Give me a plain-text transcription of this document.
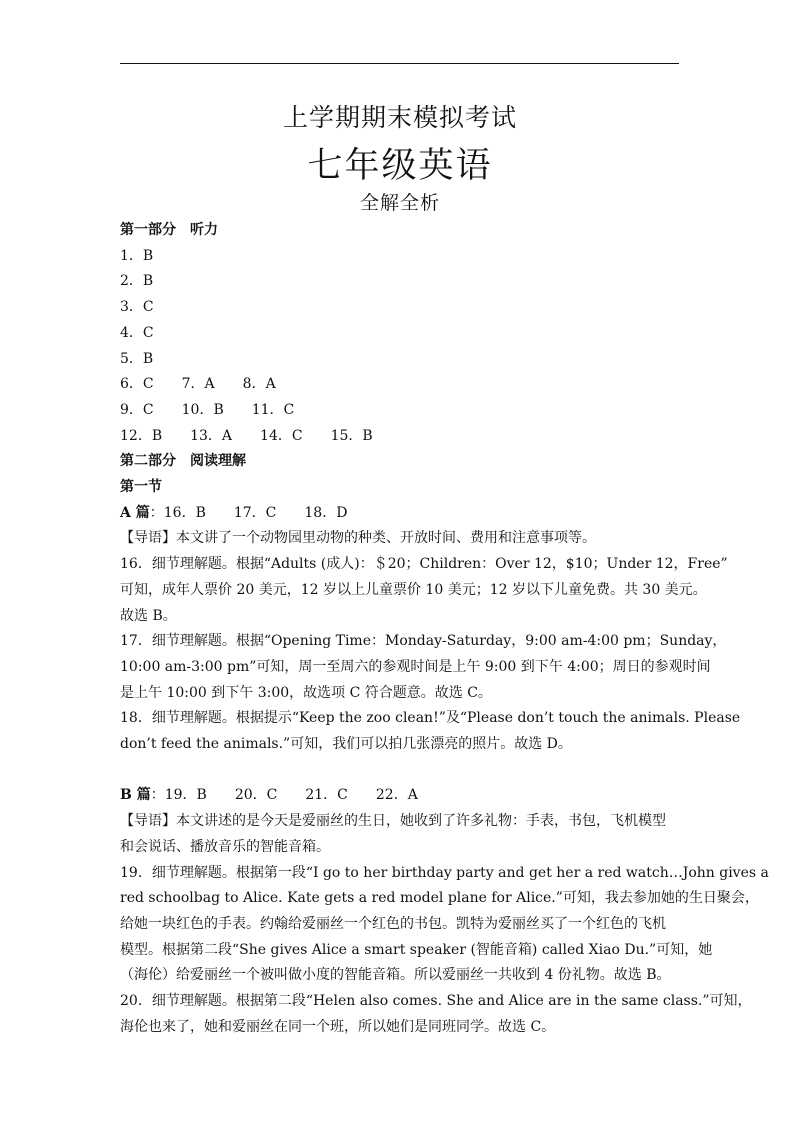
上学期期末模拟考试
七年级英语
全解全析
第一部分　听力
1．B
2．B
3．C
4．C
5．B
6．C 7．A 8．A
9．C 10．B 11．C
12．B 13．A 14．C 15．B
第二部分　阅读理解
第一节
A 篇：16．B　　17．C　　18．D
【导语】本文讲了一个动物园里动物的种类、开放时间、费用和注意事项等。
16．细节理解题。根据“Adults (成人)：＄20；Children：Over 12，$10；Under 12，Free”
可知，成年人票价 20 美元，12 岁以上儿童票价 10 美元；12 岁以下儿童免费。共 30 美元。
故选 B。
17．细节理解题。根据“Opening Time：Monday-Saturday，9:00 am-4:00 pm；Sunday，
10:00 am-3:00 pm”可知，周一至周六的参观时间是上午 9:00 到下午 4:00；周日的参观时间
是上午 10:00 到下午 3:00，故选项 C 符合题意。故选 C。
18．细节理解题。根据提示“Keep the zoo clean!”及“Please don’t touch the animals. Please
don’t feed the animals.”可知，我们可以拍几张漂亮的照片。故选 D。
B 篇：19．B　　20．C　　21．C　　22．A
【导语】本文讲述的是今天是爱丽丝的生日，她收到了许多礼物：手表，书包，飞机模型
和会说话、播放音乐的智能音箱。
19．细节理解题。根据第一段“I go to her birthday party and get her a red watch…John gives a
red schoolbag to Alice. Kate gets a red model plane for Alice.”可知，我去参加她的生日聚会，
给她一块红色的手表。约翰给爱丽丝一个红色的书包。凯特为爱丽丝买了一个红色的飞机
模型。根据第二段“She gives Alice a smart speaker (智能音箱) called Xiao Du.”可知，她
（海伦）给爱丽丝一个被叫做小度的智能音箱。所以爱丽丝一共收到 4 份礼物。故选 B。
20．细节理解题。根据第二段“Helen also comes. She and Alice are in the same class.”可知，
海伦也来了，她和爱丽丝在同一个班，所以她们是同班同学。故选 C。
